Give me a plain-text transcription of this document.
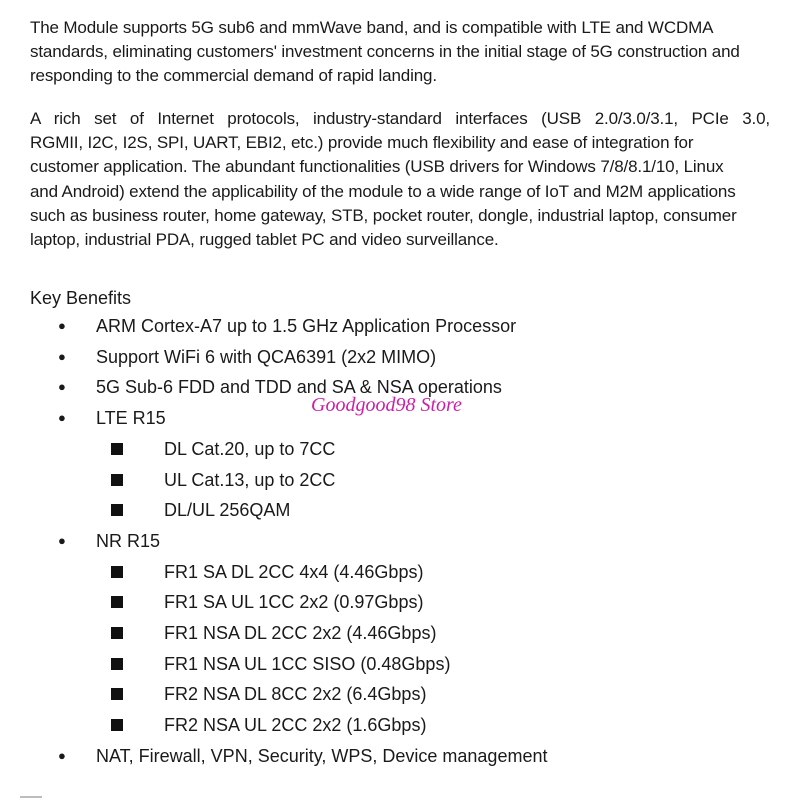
The Module supports 5G sub6 and mmWave band, and is compatible with LTE and WCDMA
standards, eliminating customers' investment concerns in the initial stage of 5G construction and
responding to the commercial demand of rapid landing.
A rich set of Internet protocols, industry-standard interfaces (USB 2.0/3.0/3.1, PCIe 3.0,
RGMII, I2C, I2S, SPI, UART, EBI2, etc.) provide much flexibility and ease of integration for
customer application. The abundant functionalities (USB drivers for Windows 7/8/8.1/10, Linux
and Android) extend the applicability of the module to a wide range of IoT and M2M applications
such as business router, home gateway, STB, pocket router, dongle, industrial laptop, consumer
laptop, industrial PDA, rugged tablet PC and video surveillance.
Key Benefits
● ARM Cortex-A7 up to 1.5 GHz Application Processor
● Support WiFi 6 with QCA6391 (2x2 MIMO)
● 5G Sub-6 FDD and TDD and SA & NSA operations
● LTE R15
DL Cat.20, up to 7CC
UL Cat.13, up to 2CC
DL/UL 256QAM
● NR R15
FR1 SA DL 2CC 4x4 (4.46Gbps)
FR1 SA UL 1CC 2x2 (0.97Gbps)
FR1 NSA DL 2CC 2x2 (4.46Gbps)
FR1 NSA UL 1CC SISO (0.48Gbps)
FR2 NSA DL 8CC 2x2 (6.4Gbps)
FR2 NSA UL 2CC 2x2 (1.6Gbps)
● NAT, Firewall, VPN, Security, WPS, Device management
Goodgood98 Store
